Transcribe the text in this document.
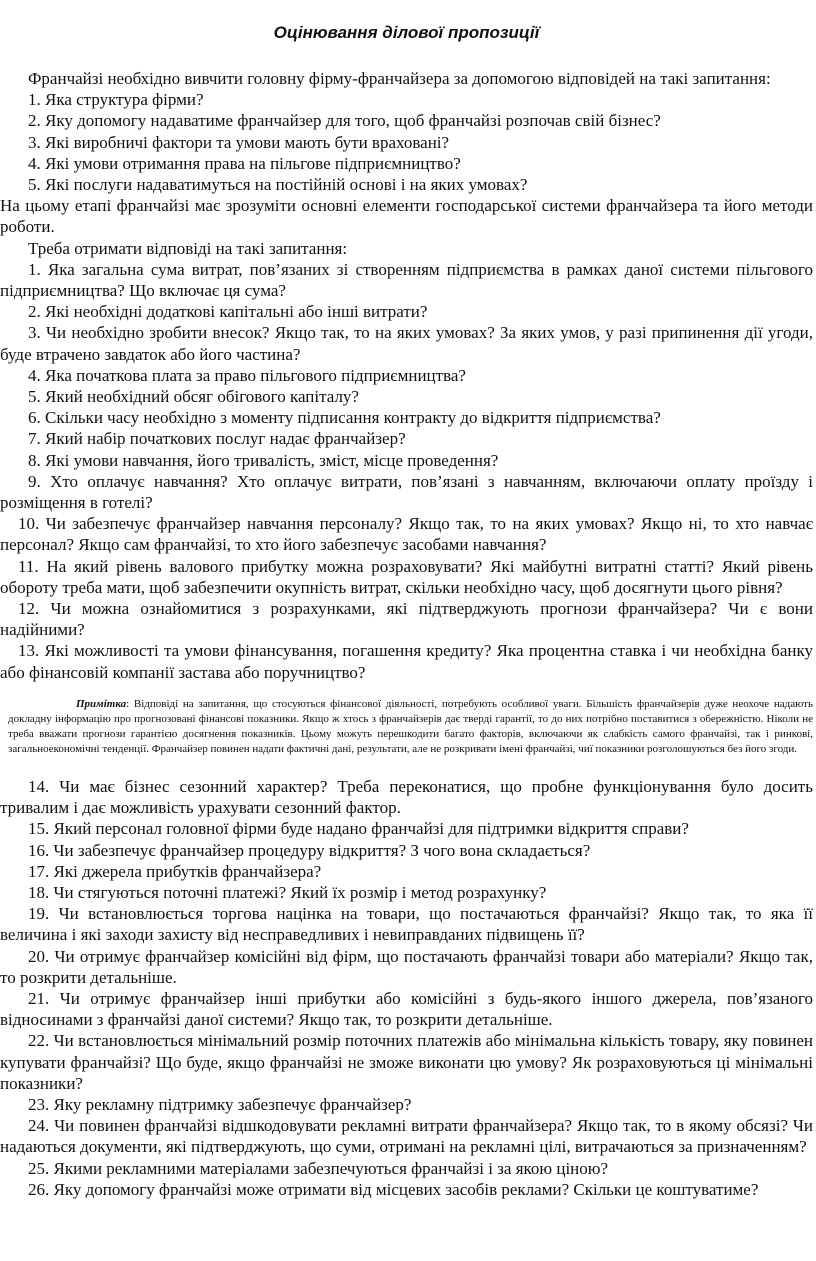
Оцінювання ділової пропозиції

Франчайзі необхідно вивчити головну фірму-франчайзера за допомогою відповідей на такі запитання:

1. Яка структура фірми?

2. Яку допомогу надаватиме франчайзер для того, щоб франчайзі розпочав свій бізнес?

3. Які виробничі фактори та умови мають бути враховані?

4. Які умови отримання права на пільгове підприємництво?

5. Які послуги надаватимуться на постійній основі і на яких умовах?

На цьому етапі франчайзі має зрозуміти основні елементи господарської системи франчайзера та його методи роботи.

Треба отримати відповіді на такі запитання:

1. Яка загальна сума витрат, пов’язаних зі створенням підприємства в рамках даної системи пільгового підприємництва? Що включає ця сума?

2. Які необхідні додаткові капітальні або інші витрати?

3. Чи необхідно зробити внесок? Якщо так, то на яких умовах? За яких умов, у разі припинення дії угоди, буде втрачено завдаток або його частина?

4. Яка початкова плата за право пільгового підприємництва?

5. Який необхідний обсяг обігового капіталу?

6. Скільки часу необхідно з моменту підписання контракту до відкриття підприємства?

7. Який набір початкових послуг надає франчайзер?

8. Які умови навчання, його тривалість, зміст, місце проведення?

9. Хто оплачує навчання? Хто оплачує витрати, пов’язані з навчанням, включаючи оплату проїзду і розміщення в готелі?

10. Чи забезпечує франчайзер навчання персоналу? Якщо так, то на яких умовах? Якщо ні, то хто навчає персонал? Якщо сам франчайзі, то хто його забезпечує засобами навчання?

11. На який рівень валового прибутку можна розраховувати? Які майбутні витратні статті? Який рівень обороту треба мати, щоб забезпечити окупність витрат, скільки необхідно часу, щоб досягнути цього рівня?

12. Чи можна ознайомитися з розрахунками, які підтверджують прогнози франчайзера? Чи є вони надійними?

13. Які можливості та умови фінансування, погашення кредиту? Яка процентна ставка і чи необхідна банку або фінансовій компанії застава або поручництво?

Примітка: Відповіді на запитання, що стосуються фінансової діяльності, потребують особливої уваги. Більшість франчайзерів дуже неохоче надають докладну інформацію про прогнозовані фінансові показники. Якщо ж хтось з франчайзерів дає тверді гарантії, то до них потрібно поставитися з обережністю. Ніколи не треба вважати прогнози гарантією досягнення показників. Цьому можуть перешкодити багато факторів, включаючи як слабкість самого франчайзі, так і ринкові, загальноекономічні тенденції. Франчайзер повинен надати фактичні дані, результати, але не розкривати імені франчайзі, чиї показники розголошуються без його згоди.

14. Чи має бізнес сезонний характер? Треба переконатися, що пробне функціонування було досить тривалим і дає можливість урахувати сезонний фактор.

15. Який персонал головної фірми буде надано франчайзі для підтримки відкриття справи?

16. Чи забезпечує франчайзер процедуру відкриття? З чого вона складається?

17. Які джерела прибутків франчайзера?

18. Чи стягуються поточні платежі? Який їх розмір і метод розрахунку?

19. Чи встановлюється торгова націнка на товари, що постачаються франчайзі? Якщо так, то яка її величина і які заходи захисту від несправедливих і невиправданих підвищень її?

20. Чи отримує франчайзер комісійні від фірм, що постачають франчайзі товари або матеріали? Якщо так, то розкрити детальніше.

21. Чи отримує франчайзер інші прибутки або комісійні з будь-якого іншого джерела, пов’язаного відносинами з франчайзі даної системи? Якщо так, то розкрити детальніше.

22. Чи встановлюється мінімальний розмір поточних платежів або мінімальна кількість товару, яку повинен купувати франчайзі? Що буде, якщо франчайзі не зможе виконати цю умову? Як розраховуються ці мінімальні показники?

23. Яку рекламну підтримку забезпечує франчайзер?

24. Чи повинен франчайзі відшкодовувати рекламні витрати франчайзера? Якщо так, то в якому обсязі? Чи надаються документи, які підтверджують, що суми, отримані на рекламні цілі, витрачаються за призначенням?

25. Якими рекламними матеріалами забезпечуються франчайзі і за якою ціною?

26. Яку допомогу франчайзі може отримати від місцевих засобів реклами? Скільки це коштуватиме?
